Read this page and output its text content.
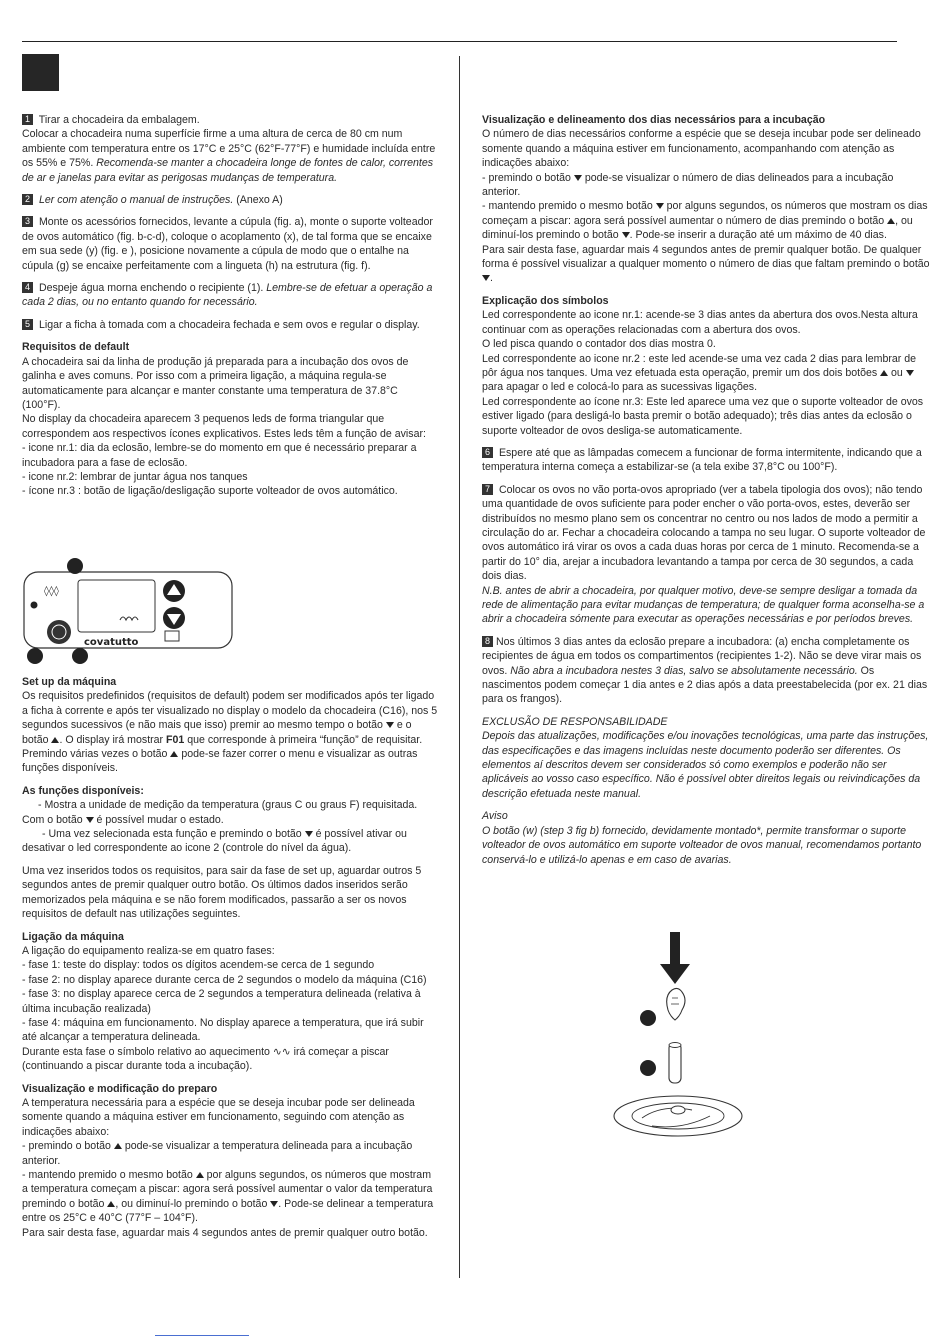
1 Tirar a chocadeira da embalagem.
Colocar a chocadeira numa superfície firme a uma altura de cerca de 80 cm num ambiente com temperatura entre os 17°C e 25°C (62°F-77°F) e humidade incluída entre os 55% e 75%. Recomenda-se manter a chocadeira longe de fontes de calor, correntes de ar e janelas para evitar as perigosas mudanças de temperatura.

2 Ler com atenção o manual de instruções. (Anexo A)

3 Monte os acessórios fornecidos, levante a cúpula (fig. a), monte o suporte volteador de ovos automático (fig. b-c-d), coloque o acoplamento (x), de tal forma que se encaixe em sua sede (y) (fig. e ), posicione novamente a cúpula de modo que o entalhe na cúpula (g) se encaixe perfeitamente com a lingueta (h) na estrutura (fig. f).

4 Despeje água morna enchendo o recipiente (1). Lembre-se de efetuar a operação a cada 2 dias, ou no entanto quando for necessário.

5 Ligar a ficha à tomada com a chocadeira fechada e sem ovos e regular o display.

Requisitos de default
A chocadeira sai da linha de produção já preparada para a incubação dos ovos de galinha e aves comuns. Por isso com a primeira ligação, a máquina regula-se automaticamente para alcançar e manter constante uma temperatura de 37.8°C (100°F).
No display da chocadeira aparecem 3 pequenos leds de forma triangular que correspondem aos respectivos ícones explicativos. Estes leds têm a função de avisar:
- icone nr.1: dia da eclosão, lembre-se do momento em que é necessário preparar a incubadora para a fase de eclosão.
- icone nr.2: lembrar de juntar água nos tanques
- ícone nr.3 : botão de ligação/desligação suporte volteador de ovos automático.

◊◊◊
covatutto

Set up da máquina
Os requisitos predefinidos (requisitos de default) podem ser modificados após ter ligado a ficha à corrente e após ter visualizado no display o modelo da chocadeira (C16), nos 5 segundos sucessivos (e não mais que isso) premir ao mesmo tempo o botão  e o botão . O display irá mostrar F01 que corresponde à primeira “função” de requisitar. Premindo várias vezes o botão  pode-se fazer correr o menu e visualizar as outras funções disponíveis.

As funções disponíveis:
- Mostra a unidade de medição da temperatura (graus C ou graus F) requisitada. Com o botão  é possível mudar o estado.
- Uma vez selecionada esta função e premindo o botão  é possível ativar ou desativar o led correspondente ao icone 2 (controle do nível da água).

Uma vez inseridos todos os requisitos, para sair da fase de set up, aguardar outros 5 segundos antes de premir qualquer outro botão. Os últimos dados inseridos serão memorizados pela máquina e se não forem modificados, passarão a ser os novos requisitos de default nas utilizações seguintes.

Ligação da máquina
A ligação do equipamento realiza-se em quatro fases:
- fase 1: teste do display: todos os dígitos acendem-se cerca de 1 segundo
- fase 2: no display aparece durante cerca de 2 segundos o modelo da máquina (C16)
- fase 3: no display aparece cerca de 2 segundos a temperatura delineada (relativa à última incubação realizada)
- fase 4: máquina em funcionamento. No display aparece a temperatura, que irá subir até alcançar a temperatura delineada.
Durante esta fase o símbolo relativo ao aquecimento ∿∿ irá começar a piscar (continuando a piscar durante toda a incubação).

Visualização e modificação do preparo
A temperatura necessária para a espécie que se deseja incubar pode ser delineada somente quando a máquina estiver em funcionamento, seguindo com atenção as indicações abaixo:
- premindo o botão  pode-se visualizar a temperatura delineada para a incubação anterior.
- mantendo premido o mesmo botão  por alguns segundos, os números que mostram a temperatura começam a piscar: agora será possível aumentar o valor da temperatura premindo o botão , ou diminuí-lo premindo o botão . Pode-se delinear a temperatura entre os 25°C e 40°C (77°F – 104°F).
Para sair desta fase, aguardar mais 4 segundos antes de premir qualquer outro botão.

Visualização e delineamento dos dias necessários para a incubação
O número de dias necessários conforme a espécie que se deseja incubar pode ser delineado somente quando a máquina estiver em funcionamento, acompanhando com atenção as indicações abaixo:
- premindo o botão  pode-se visualizar o número de dias delineados para a incubação anterior.
- mantendo premido o mesmo botão  por alguns segundos, os números que mostram os dias começam a piscar: agora será possível aumentar o número de dias premindo o botão , ou diminuí-los premindo o botão . Pode-se inserir a duração até um máximo de 40 dias.
Para sair desta fase, aguardar mais 4 segundos antes de premir qualquer botão. De qualquer forma é possível visualizar a qualquer momento o número de dias que faltam premindo o botão .

Explicação dos símbolos
Led correspondente ao icone nr.1: acende-se 3 dias antes da abertura dos ovos.Nesta altura continuar com as operações relacionadas com a abertura dos ovos.
O led pisca quando o contador dos dias mostra 0.
Led correspondente ao icone nr.2 : este led acende-se uma vez cada 2 dias para lembrar de pôr água nos tanques. Uma vez efetuada esta operação, premir um dos dois botões  ou  para apagar o led e colocá-lo para as sucessivas ligações.
Led correspondente ao ícone nr.3: Este led aparece uma vez que o suporte volteador de ovos estiver ligado (para desligá-lo basta premir o botão adequado); três dias antes da eclosão o suporte volteador de ovos desliga-se automaticamente.

6 Espere até que as lâmpadas comecem a funcionar de forma intermitente, indicando que a temperatura interna começa a estabilizar-se (a tela exibe 37,8°C ou 100°F).

7 Colocar os ovos no vão porta-ovos apropriado (ver a tabela tipologia dos ovos); não tendo uma quantidade de ovos suficiente para poder encher o vão porta-ovos, estes, deverão ser distribuídos no mesmo plano sem os concentrar no centro ou nos lados de modo a permitir a circulação do ar. Fechar a chocadeira colocando a tampa no seu lugar. O suporte volteador de ovos automático irá virar os ovos a cada duas horas por cerca de 1 minuto. Recomenda-se a partir do 10° dia, arejar a incubadora levantando a tampa por cerca de 30 segundos, a cada dois dias.
N.B. antes de abrir a chocadeira, por qualquer motivo, deve-se sempre desligar a tomada da rede de alimentação para evitar mudanças de temperatura; de qualquer forma aconselha-se a abrir a chocadeira sómente para executar as operações necessárias e por períodos breves.

8 Nos últimos 3 dias antes da eclosão prepare a incubadora: (a) encha completamente os recipientes de água em todos os compartimentos (recipientes 1-2). Não se deve virar mais os ovos. Não abra a incubadora nestes 3 dias, salvo se absolutamente necessário. Os nascimentos podem começar 1 dia antes e 2 dias após a data preestabelecida (por ex. 21 dias para os frangos).

EXCLUSÃO DE RESPONSABILIDADE
Depois das atualizações, modificações e/ou inovações tecnológicas, uma parte das instruções, das especificações e das imagens incluídas neste documento poderão ser diferentes. Os elementos aí descritos devem ser considerados só como exemplos e poderão não ser aplicáveis ao vosso caso específico. Não é possível obter direitos legais ou reivindicações da descrição efetuada neste manual.

Aviso
O botão (w) (step 3 fig b) fornecido, devidamente montado*, permite transformar o suporte volteador de ovos automático em suporte volteador de ovos manual, recomendamos portanto conservá-lo e utilizá-lo apenas e em caso de avarias.
